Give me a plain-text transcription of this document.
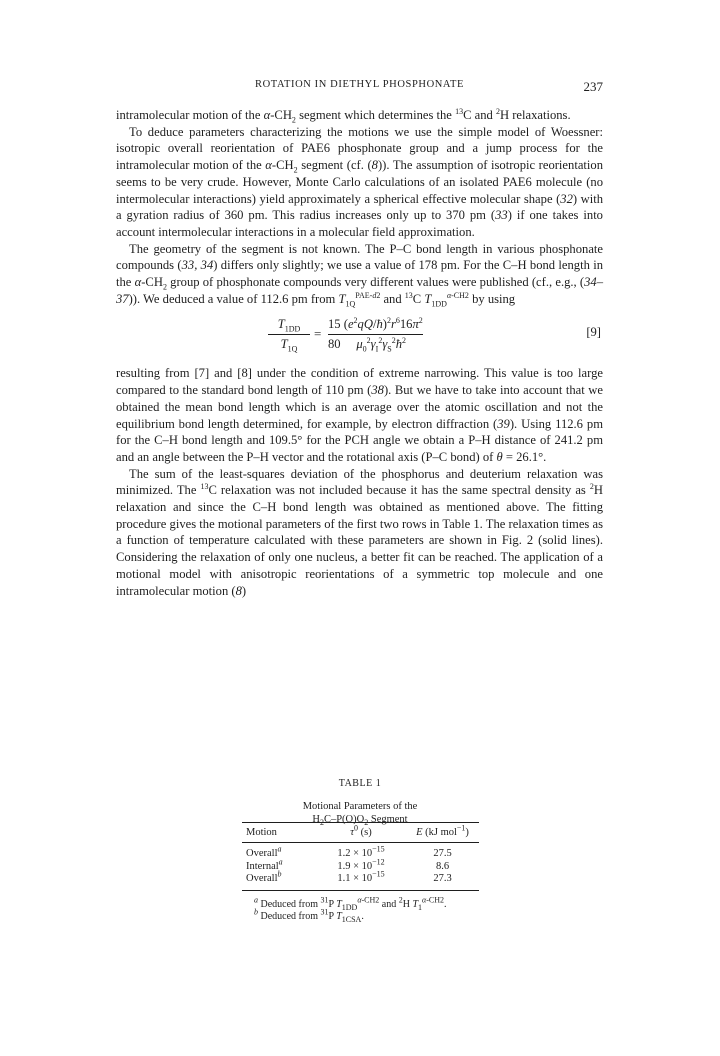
ROTATION IN DIETHYL PHOSPHONATE	237

intramolecular motion of the $\alpha-CH_2$ segment which determines the $^{13}$C and $^2$H relaxations.

To deduce parameters characterizing the motions we use the simple model of Woessner: isotropic overall reorientation of PAE6 phosphonate group and a jump process for the intramolecular motion of the $\alpha-CH_2$ segment (cf. (8)). The assumption of isotropic reorientation seems to be very crude. However, Monte Carlo calculations of an isolated PAE6 molecule (no intermolecular interactions) yield approximately a spherical effective molecular shape (32) with a gyration radius of 360 pm. This radius increases only up to 370 pm (33) if one takes into account intermolecular interactions in a molecular field approximation.

The geometry of the segment is not known. The P–C bond length in various phosphonate compounds (33, 34) differs only slightly; we use a value of 178 pm. For the C–H bond length in the $\alpha-CH_2$ group of phosphonate compounds very different values were published (cf., e.g., (34–37)). We deduced a value of 112.6 pm from $T_{1Q}^{PAE-d2}$ and $^{13}$C $T_{1DD}^{\alpha-CH2}$ by using

$\frac{T_{1DD}}{T_{1Q}} = \frac{15 (e^2qQ/ħ)^2r^616\pi^2}{80 \mu_0^2\gamma_I^2\gamma_S^2ħ^2}$	[9]

resulting from [7] and [8] under the condition of extreme narrowing. This value is too large compared to the standard bond length of 110 pm (38). But we have to take into account that we obtained the mean bond length which is an average over the atomic oscillation and not the equilibrium bond length determined, for example, by electron diffraction (39). Using 112.6 pm for the C–H bond length and 109.5° for the PCH angle we obtain a P–H distance of 241.2 pm and an angle between the P–H vector and the rotational axis (P–C bond) of θ = 26.1°.

The sum of the least-squares deviation of the phosphorus and deuterium relaxation was minimized. The $^{13}$C relaxation was not included because it has the same spectral density as $^2$H relaxation and since the C–H bond length was obtained as mentioned above. The fitting procedure gives the motional parameters of the first two rows in Table 1. The relaxation times as a function of temperature calculated with these parameters are shown in Fig. 2 (solid lines). Considering the relaxation of only one nucleus, a better fit can be reached. The application of a motional model with anisotropic reorientations of a symmetric top molecule and one intramolecular motion (8)

TABLE 1
Motional Parameters of the
$H_2C-P(O)O_2$ Segment
Motion	$\tau^0$ (s)	E (kJ mol$^{-1}$)
Overall$^a$	$1.2 \times 10^{-15}$	27.5
Internal$^a$	$1.9 \times 10^{-12}$	8.6
Overall$^b$	$1.1 \times 10^{-15}$	27.3
$^a$ Deduced from $^{31}$P $T_{1DD}^{\alpha-CH2}$ and $^2$H $T_1^{\alpha-CH2}$.
$^b$ Deduced from $^{31}$P $T_{1CSA}$.
